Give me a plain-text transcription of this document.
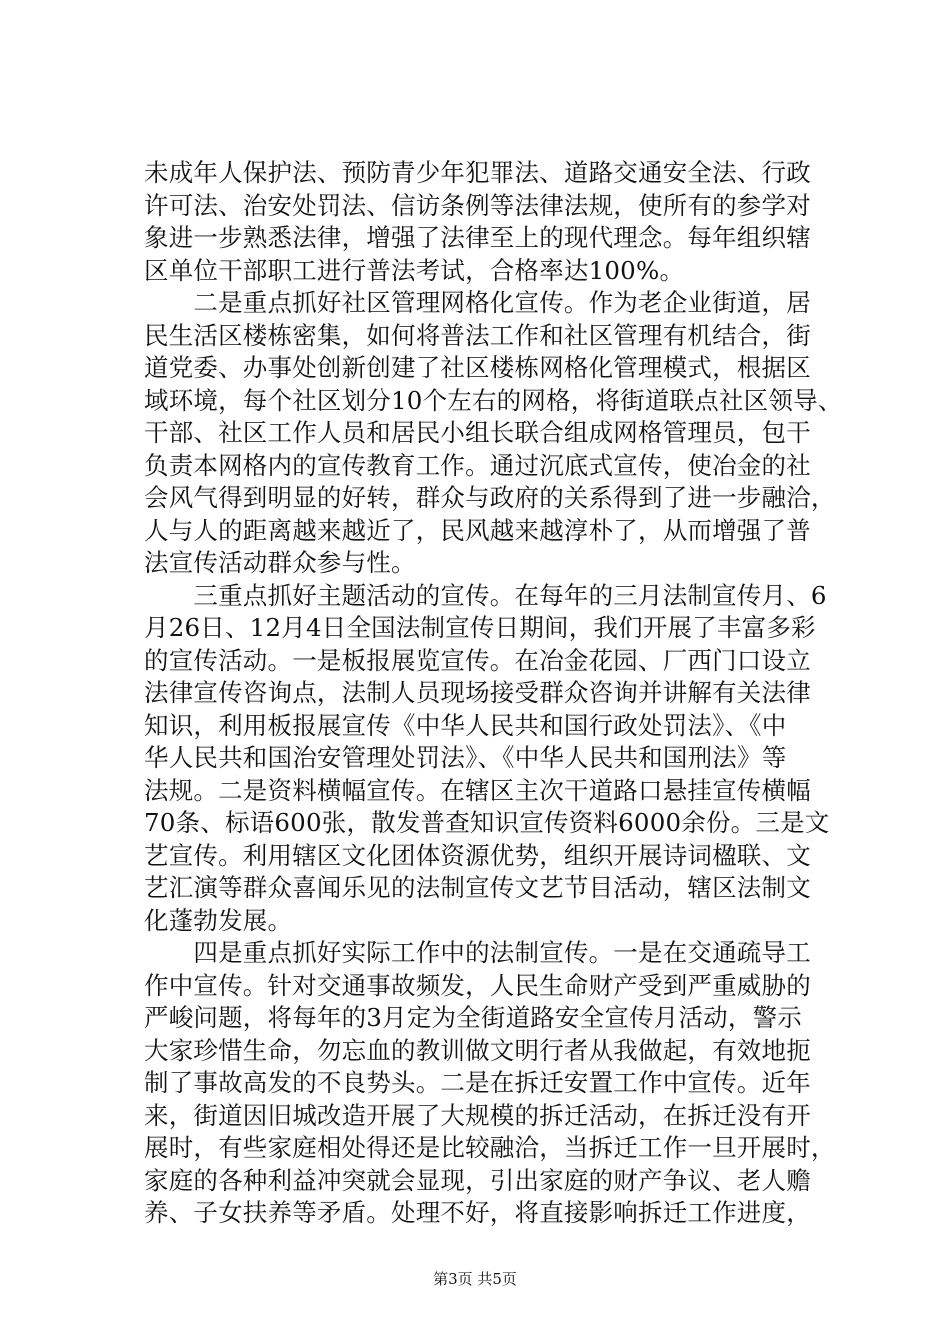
未成年人保护法、预防青少年犯罪法、道路交通安全法、行政
许可法、治安处罚法、信访条例等法律法规，使所有的参学对
象进一步熟悉法律，增强了法律至上的现代理念。每年组织辖
区单位干部职工进行普法考试，合格率达100%。
　　二是重点抓好社区管理网格化宣传。作为老企业街道，居
民生活区楼栋密集，如何将普法工作和社区管理有机结合，街
道党委、办事处创新创建了社区楼栋网格化管理模式，根据区
域环境，每个社区划分10个左右的网格，将街道联点社区领导、
干部、社区工作人员和居民小组长联合组成网格管理员，包干
负责本网格内的宣传教育工作。通过沉底式宣传，使冶金的社
会风气得到明显的好转，群众与政府的关系得到了进一步融洽，
人与人的距离越来越近了，民风越来越淳朴了，从而增强了普
法宣传活动群众参与性。
　　三重点抓好主题活动的宣传。在每年的三月法制宣传月、6
月26日、12月4日全国法制宣传日期间，我们开展了丰富多彩
的宣传活动。一是板报展览宣传。在冶金花园、厂西门口设立
法律宣传咨询点，法制人员现场接受群众咨询并讲解有关法律
知识，利用板报展宣传《中华人民共和国行政处罚法》、《中
华人民共和国治安管理处罚法》、《中华人民共和国刑法》等
法规。二是资料横幅宣传。在辖区主次干道路口悬挂宣传横幅
70条、标语600张，散发普查知识宣传资料6000余份。三是文
艺宣传。利用辖区文化团体资源优势，组织开展诗词楹联、文
艺汇演等群众喜闻乐见的法制宣传文艺节目活动，辖区法制文
化蓬勃发展。
　　四是重点抓好实际工作中的法制宣传。一是在交通疏导工
作中宣传。针对交通事故频发，人民生命财产受到严重威胁的
严峻问题，将每年的3月定为全街道路安全宣传月活动，警示
大家珍惜生命，勿忘血的教训做文明行者从我做起，有效地扼
制了事故高发的不良势头。二是在拆迁安置工作中宣传。近年
来，街道因旧城改造开展了大规模的拆迁活动，在拆迁没有开
展时，有些家庭相处得还是比较融洽，当拆迁工作一旦开展时，
家庭的各种利益冲突就会显现，引出家庭的财产争议、老人赡
养、子女扶养等矛盾。处理不好，将直接影响拆迁工作进度，
第3页 共5页
